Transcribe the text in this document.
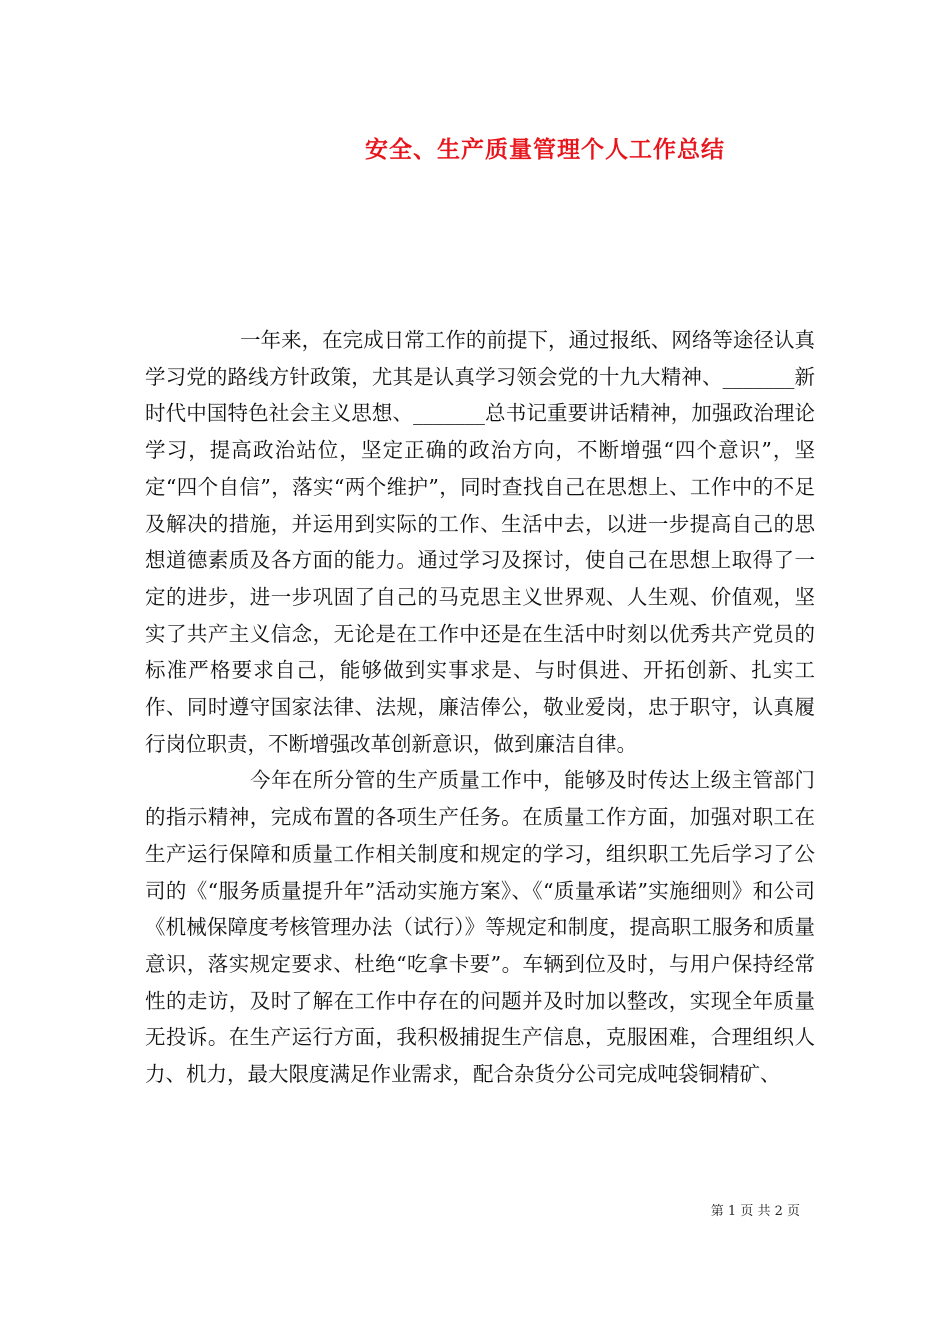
安全、生产质量管理个人工作总结

一年来，在完成日常工作的前提下，通过报纸、网络等途径认真学习党的路线方针政策，尤其是认真学习领会党的十九大精神、_______新时代中国特色社会主义思想、_______总书记重要讲话精神，加强政治理论学习，提高政治站位，坚定正确的政治方向，不断增强“四个意识”，坚定“四个自信”，落实“两个维护”，同时查找自己在思想上、工作中的不足及解决的措施，并运用到实际的工作、生活中去，以进一步提高自己的思想道德素质及各方面的能力。通过学习及探讨，使自己在思想上取得了一定的进步，进一步巩固了自己的马克思主义世界观、人生观、价值观，坚实了共产主义信念，无论是在工作中还是在生活中时刻以优秀共产党员的标准严格要求自己，能够做到实事求是、与时俱进、开拓创新、扎实工作、同时遵守国家法律、法规，廉洁俸公，敬业爱岗，忠于职守，认真履行岗位职责，不断增强改革创新意识，做到廉洁自律。

今年在所分管的生产质量工作中，能够及时传达上级主管部门的指示精神，完成布置的各项生产任务。在质量工作方面，加强对职工在生产运行保障和质量工作相关制度和规定的学习，组织职工先后学习了公司的《“服务质量提升年”活动实施方案》、《“质量承诺”实施细则》和公司《机械保障度考核管理办法（试行）》等规定和制度，提高职工服务和质量意识，落实规定要求、杜绝“吃拿卡要”。车辆到位及时，与用户保持经常性的走访，及时了解在工作中存在的问题并及时加以整改，实现全年质量无投诉。在生产运行方面，我积极捕捉生产信息，克服困难，合理组织人力、机力，最大限度满足作业需求，配合杂货分公司完成吨袋铜精矿、

第 1 页 共 2 页
